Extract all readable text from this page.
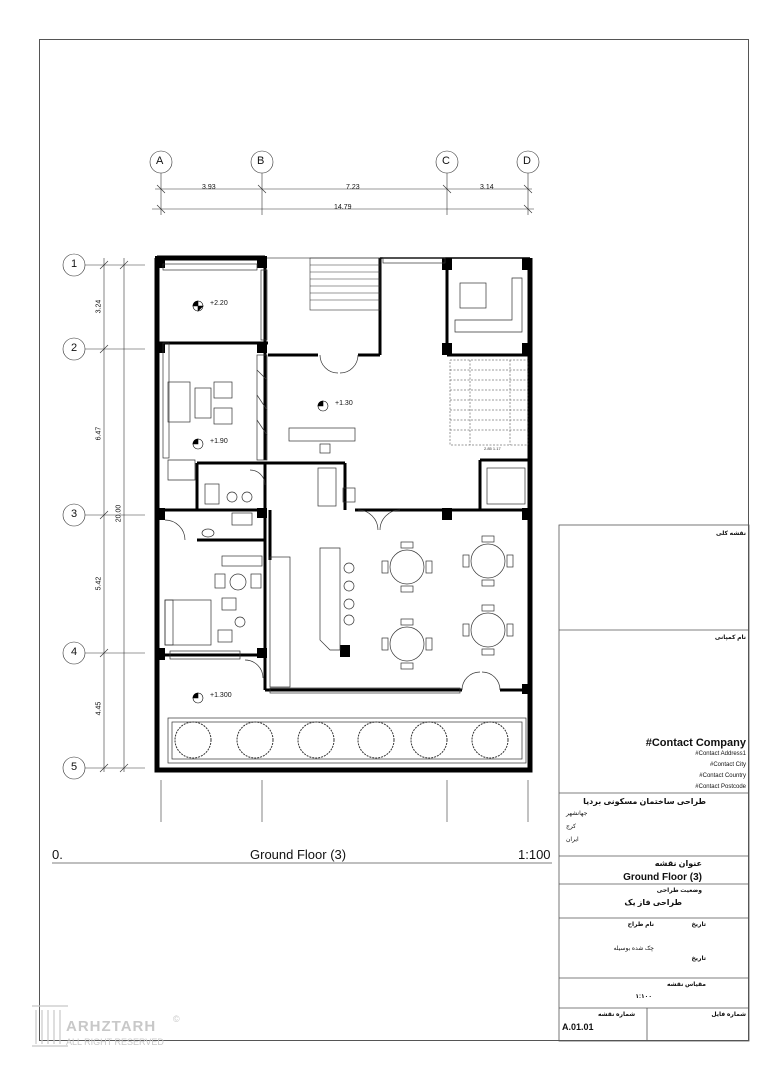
2.85 1.17
A	B	C	D
1
2
3
4
5
3.93	7.23	3.14
14.79
3.24
6.47
5.42
4.45
20.00
+2.20
+1.30
+1.90
+1.300
0.	Ground Floor (3)	1:100
نقشه کلی
نام کمپانی
#Contact Company
#Contact Address1
#Contact City
#Contact Country
#Contact Postcode
طراحی ساختمان مسکونی بردیا
جهانشهر
کرج
ایران
عنوان نقشه
Ground Floor (3)
وضعیت طراحی
طراحی فاز یک
تاریخ
نام طراح
چک شده بوسیله
تاریخ
مقیاس نقشه
۱:۱۰۰
شماره نقشه	شماره فایل
A.01.01
ARHZTARH
ALL RIGHT RESERVED
©
